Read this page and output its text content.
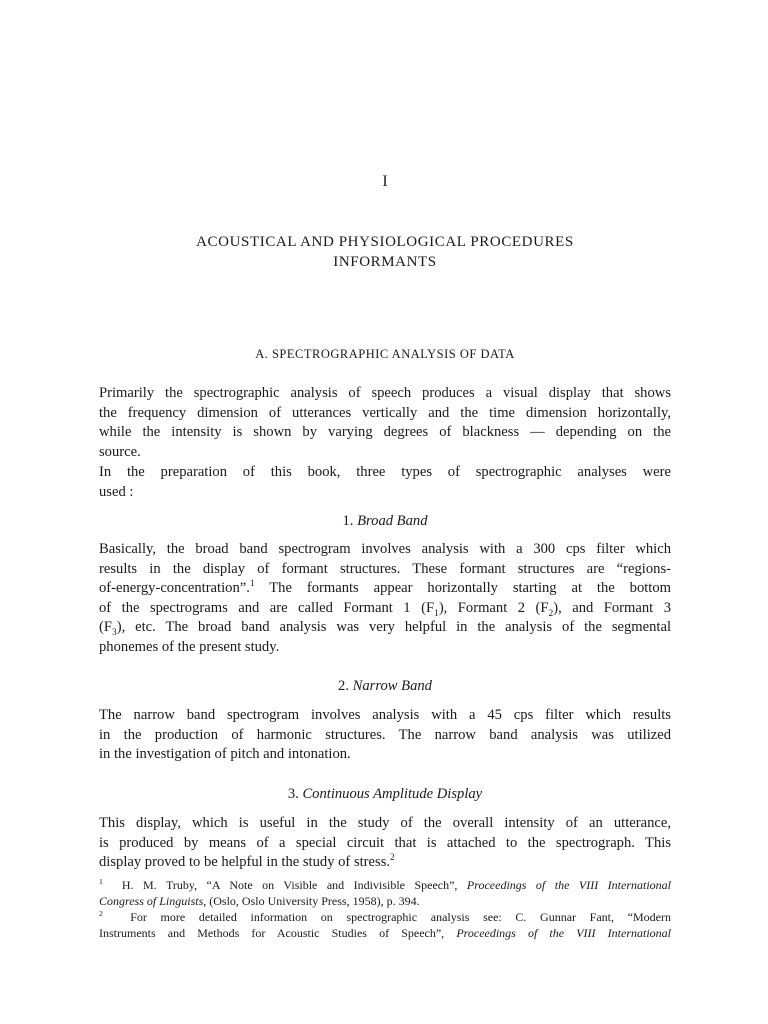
I
ACOUSTICAL AND PHYSIOLOGICAL PROCEDURES
INFORMANTS
A. SPECTROGRAPHIC ANALYSIS OF DATA
Primarily the spectrographic analysis of speech produces a visual display that shows
the frequency dimension of utterances vertically and the time dimension horizontally,
while the intensity is shown by varying degrees of blackness — depending on the
source.
In the preparation of this book, three types of spectrographic analyses were
used :
1. Broad Band
Basically, the broad band spectrogram involves analysis with a 300 cps filter which
results in the display of formant structures. These formant structures are “regions-
of-energy-concentration”.$^1$ The formants appear horizontally starting at the bottom
of the spectrograms and are called Formant 1 $(F_1)$, Formant 2 $(F_2)$, and Formant 3
$(F_3)$, etc. The broad band analysis was very helpful in the analysis of the segmental
phonemes of the present study.
2. Narrow Band
The narrow band spectrogram involves analysis with a 45 cps filter which results
in the production of harmonic structures. The narrow band analysis was utilized
in the investigation of pitch and intonation.
3. Continuous Amplitude Display
This display, which is useful in the study of the overall intensity of an utterance,
is produced by means of a special circuit that is attached to the spectrograph. This
display proved to be helpful in the study of stress.$^2$
$^1$ H. M. Truby, “A Note on Visible and Indivisible Speech”, Proceedings of the VIII International
Congress of Linguists, (Oslo, Oslo University Press, 1958), p. 394.
$^2$ For more detailed information on spectrographic analysis see: C. Gunnar Fant, “Modern
Instruments and Methods for Acoustic Studies of Speech”, Proceedings of the VIII International
